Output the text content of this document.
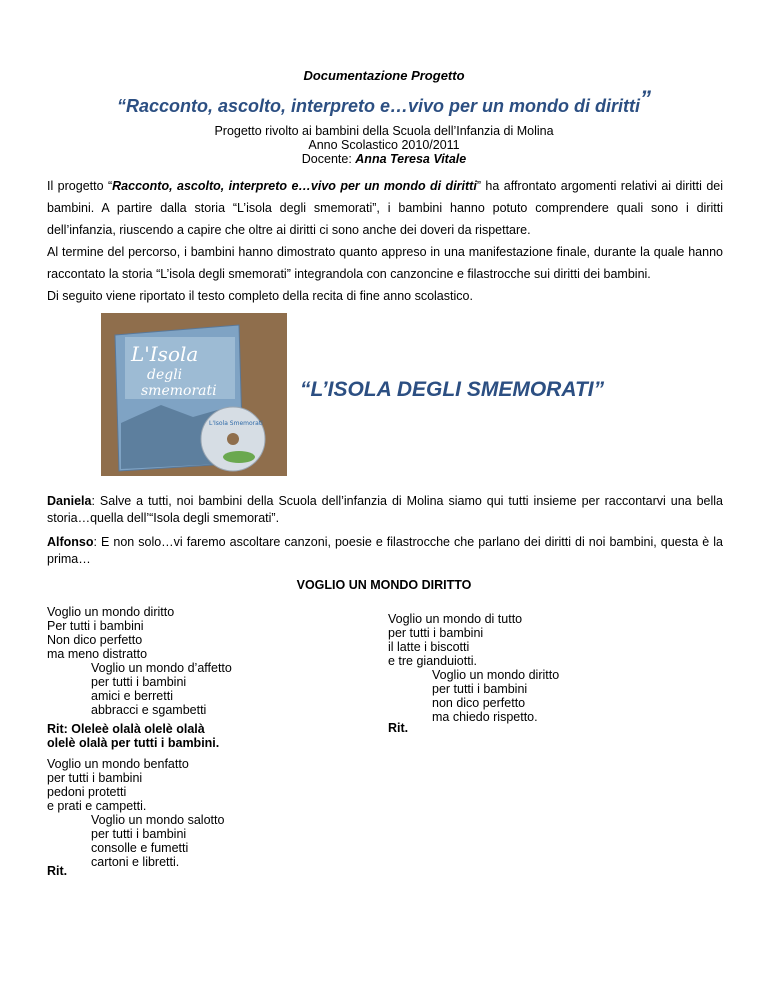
Documentazione Progetto
“Racconto, ascolto, interpreto e…vivo per un mondo di diritti”
Progetto rivolto ai bambini della Scuola dell’Infanzia di Molina
Anno Scolastico 2010/2011
Docente: Anna Teresa Vitale
Il progetto “Racconto, ascolto, interpreto e…vivo per un mondo di diritti” ha affrontato argomenti relativi ai diritti dei bambini. A partire dalla storia “L’isola degli smemorati”, i bambini hanno potuto comprendere quali sono i diritti dell’infanzia, riuscendo a capire che oltre ai diritti ci sono anche dei doveri da rispettare.
Al termine del percorso, i bambini hanno dimostrato quanto appreso in una manifestazione finale, durante la quale hanno raccontato la storia “L’isola degli smemorati” integrandola con canzoncine e filastrocche sui diritti dei bambini.
Di seguito viene riportato il testo completo della recita di fine anno scolastico.
L'Isola
degli
smemorati
L'Isola Smemorati
“L’ISOLA DEGLI SMEMORATI”
Daniela: Salve a tutti, noi bambini della Scuola dell’infanzia di Molina siamo qui tutti insieme per raccontarvi una bella storia…quella dell’“Isola degli smemorati”.
Alfonso: E non solo…vi faremo ascoltare canzoni, poesie e filastrocche che parlano dei diritti di noi bambini, questa è la prima…
VOGLIO UN MONDO DIRITTO
Voglio un mondo diritto
Per tutti i bambini
Non dico perfetto
ma meno distratto
Voglio un mondo d’affetto
per tutti i bambini
amici e berretti
abbracci e sgambetti
Rit: Oleleè olalà olelè olalà
olelè olalà per tutti i bambini.
Voglio un mondo benfatto
per tutti i bambini
pedoni protetti
e prati e campetti.
Voglio un mondo salotto
per tutti i bambini
consolle e fumetti
cartoni e libretti.
Rit.
Voglio un mondo di tutto
per tutti i bambini
il latte i biscotti
e tre gianduiotti.
Voglio un mondo diritto
per tutti i bambini
non dico perfetto
ma chiedo rispetto.
Rit.
